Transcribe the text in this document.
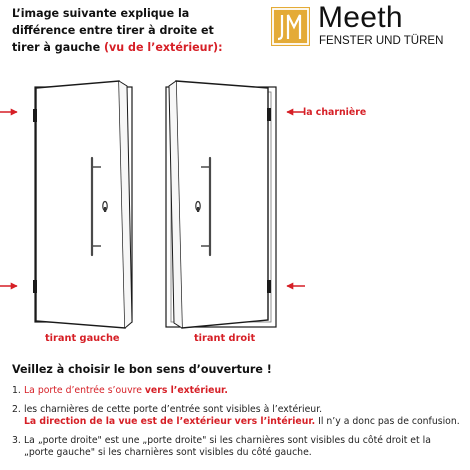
L’image suivante explique la
différence entre tirer à droite et
tirer à gauche (vu de l’extérieur):
Meeth
FENSTER UND TÜREN
la charnière
tirant gauche	tirant droit
Veillez à choisir le bon sens d’ouverture !
1. La porte d’entrée s’ouvre vers l’extérieur.
2. les charnières de cette porte d’entrée sont visibles à l’extérieur.
La direction de la vue est de l’extérieur vers l’intérieur. Il n’y a donc pas de confusion.
3. La „porte droite" est une „porte droite" si les charnières sont visibles du côté droit et la
„porte gauche" si les charnières sont visibles du côté gauche.
